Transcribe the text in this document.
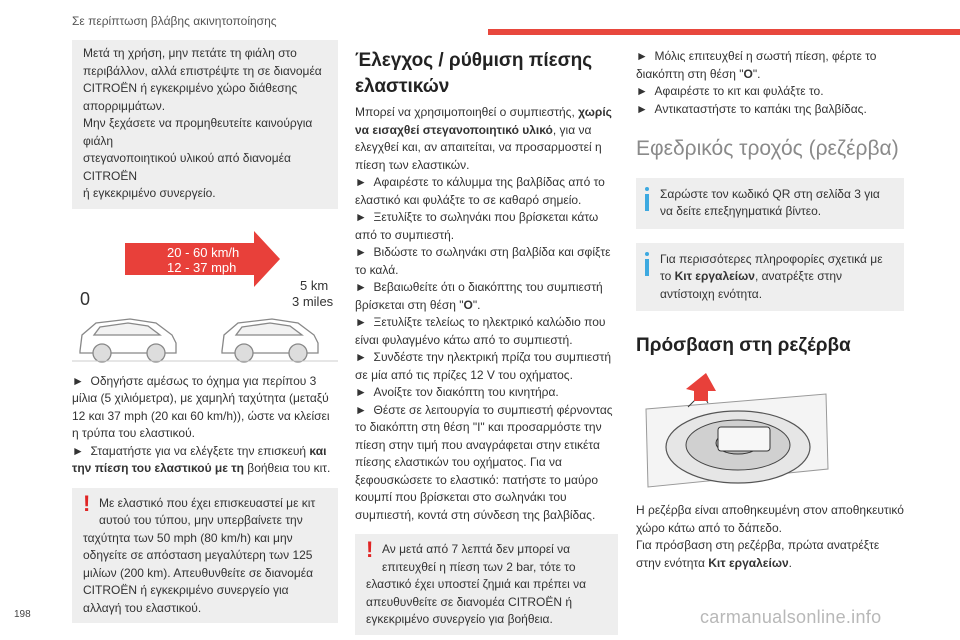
Σε περίπτωση βλάβης ακινητοποίησης
Μετά τη χρήση, μην πετάτε τη φιάλη στο
περιβάλλον, αλλά επιστρέψτε τη σε διανομέα
CITROËN ή εγκεκριμένο χώρο διάθεσης
απορριμμάτων.
Μην ξεχάσετε να προμηθευτείτε καινούργια φιάλη
στεγανοποιητικού υλικού από διανομέα CITROËN
ή εγκεκριμένο συνεργείο.
20 - 60 km/h
12 - 37 mph
0
5 km
3 miles

►  Οδηγήστε αμέσως το όχημα για περίπου 3 μίλια (5 χιλιόμετρα), με χαμηλή ταχύτητα (μεταξύ 12 και 37 mph (20 και 60 km/h)), ώστε να κλείσει η τρύπα του ελαστικού.

►  Σταματήστε για να ελέγξετε την επισκευή και την πίεση του ελαστικού με τη βοήθεια του κιτ.

! Με ελαστικό που έχει επισκευαστεί με κιτ αυτού του τύπου, μην υπερβαίνετε την ταχύτητα των 50 mph (80 km/h) και μην οδηγείτε σε απόσταση μεγαλύτερη των 125 μιλίων (200 km). Απευθυνθείτε σε διανομέα CITROËN ή εγκεκριμένο συνεργείο για αλλαγή του ελαστικού.
Έλεγχος / ρύθμιση πίεσης ελαστικών

Μπορεί να χρησιμοποιηθεί ο συμπιεστής, χωρίς να εισαχθεί στεγανοποιητικό υλικό, για να ελεγχθεί και, αν απαιτείται, να προσαρμοστεί η πίεση των ελαστικών.

►  Αφαιρέστε το κάλυμμα της βαλβίδας από το ελαστικό και φυλάξτε το σε καθαρό σημείο.

►  Ξετυλίξτε το σωληνάκι που βρίσκεται κάτω από το συμπιεστή.

►  Βιδώστε το σωληνάκι στη βαλβίδα και σφίξτε το καλά.

►  Βεβαιωθείτε ότι ο διακόπτης του συμπιεστή βρίσκεται στη θέση "O".

►  Ξετυλίξτε τελείως το ηλεκτρικό καλώδιο που είναι φυλαγμένο κάτω από το συμπιεστή.

►  Συνδέστε την ηλεκτρική πρίζα του συμπιεστή σε μία από τις πρίζες 12 V του οχήματος.

►  Ανοίξτε τον διακόπτη του κινητήρα.

►  Θέστε σε λειτουργία το συμπιεστή φέρνοντας το διακόπτη στη θέση "I" και προσαρμόστε την πίεση στην τιμή που αναγράφεται στην ετικέτα πίεσης ελαστικών του οχήματος. Για να ξεφουσκώσετε το ελαστικό: πατήστε το μαύρο κουμπί που βρίσκεται στο σωληνάκι του συμπιεστή, κοντά στη σύνδεση της βαλβίδας.

! Αν μετά από 7 λεπτά δεν μπορεί να επιτευχθεί η πίεση των 2 bar, τότε το ελαστικό έχει υποστεί ζημιά και πρέπει να απευθυνθείτε σε διανομέα CITROËN ή εγκεκριμένο συνεργείο για βοήθεια.

►  Μόλις επιτευχθεί η σωστή πίεση, φέρτε το διακόπτη στη θέση "O".

►  Αφαιρέστε το κιτ και φυλάξτε το.

►  Αντικαταστήστε το καπάκι της βαλβίδας.

Εφεδρικός τροχός (ρεζέρβα)
Σαρώστε τον κωδικό QR στη σελίδα 3 για να δείτε επεξηγηματικά βίντεο.
Για περισσότερες πληροφορίες σχετικά με το Κιτ εργαλείων, ανατρέξτε στην αντίστοιχη ενότητα.
Πρόσβαση στη ρεζέρβα

Η ρεζέρβα είναι αποθηκευμένη στον αποθηκευτικό χώρο κάτω από το δάπεδο.

Για πρόσβαση στη ρεζέρβα, πρώτα ανατρέξτε στην ενότητα Κιτ εργαλείων.

198	carmanualsonline.info
